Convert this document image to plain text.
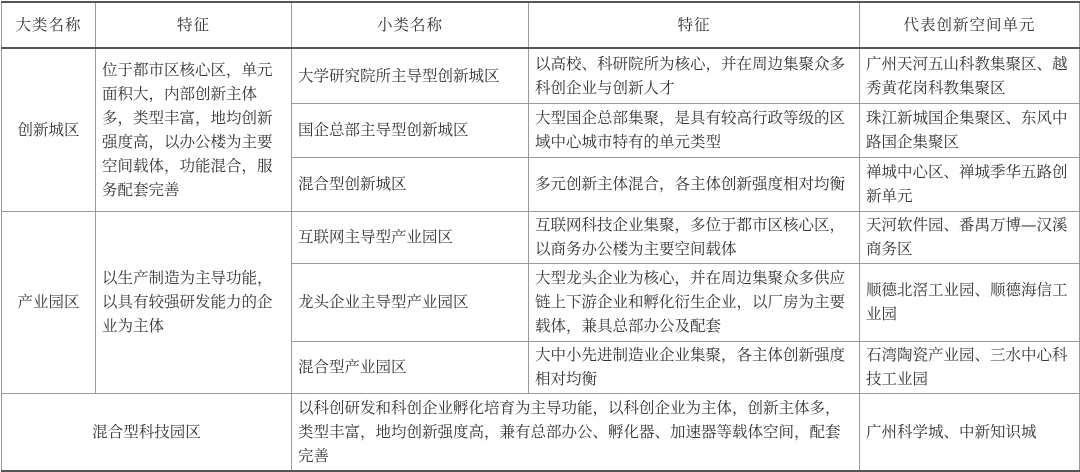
大类名称	特征	小类名称	特征	代表创新空间单元
创新城区	位于都市区核心区，单元面积大，内部创新主体多，类型丰富，地均创新强度高，以办公楼为主要空间载体，功能混合，服务配套完善	大学研究院所主导型创新城区	以高校、科研院所为核心，并在周边集聚众多科创企业与创新人才	广州天河五山科教集聚区、越秀黄花岗科教集聚区
		国企总部主导型创新城区	大型国企总部集聚，是具有较高行政等级的区域中心城市特有的单元类型	珠江新城国企集聚区、东风中路国企集聚区
		混合型创新城区	多元创新主体混合，各主体创新强度相对均衡	禅城中心区、禅城季华五路创新单元
产业园区	以生产制造为主导功能，以具有较强研发能力的企业为主体	互联网主导型产业园区	互联网科技企业集聚，多位于都市区核心区，以商务办公楼为主要空间载体	天河软件园、番禺万博—汉溪商务区
		龙头企业主导型产业园区	大型龙头企业为核心，并在周边集聚众多供应链上下游企业和孵化衍生企业，以厂房为主要载体，兼具总部办公及配套	顺德北滘工业园、顺德海信工业园
		混合型产业园区	大中小先进制造业企业集聚，各主体创新强度相对均衡	石湾陶瓷产业园、三水中心科技工业园
混合型科技园区		以科创研发和科创企业孵化培育为主导功能，以科创企业为主体，创新主体多，类型丰富，地均创新强度高，兼有总部办公、孵化器、加速器等载体空间，配套完善		广州科学城、中新知识城
